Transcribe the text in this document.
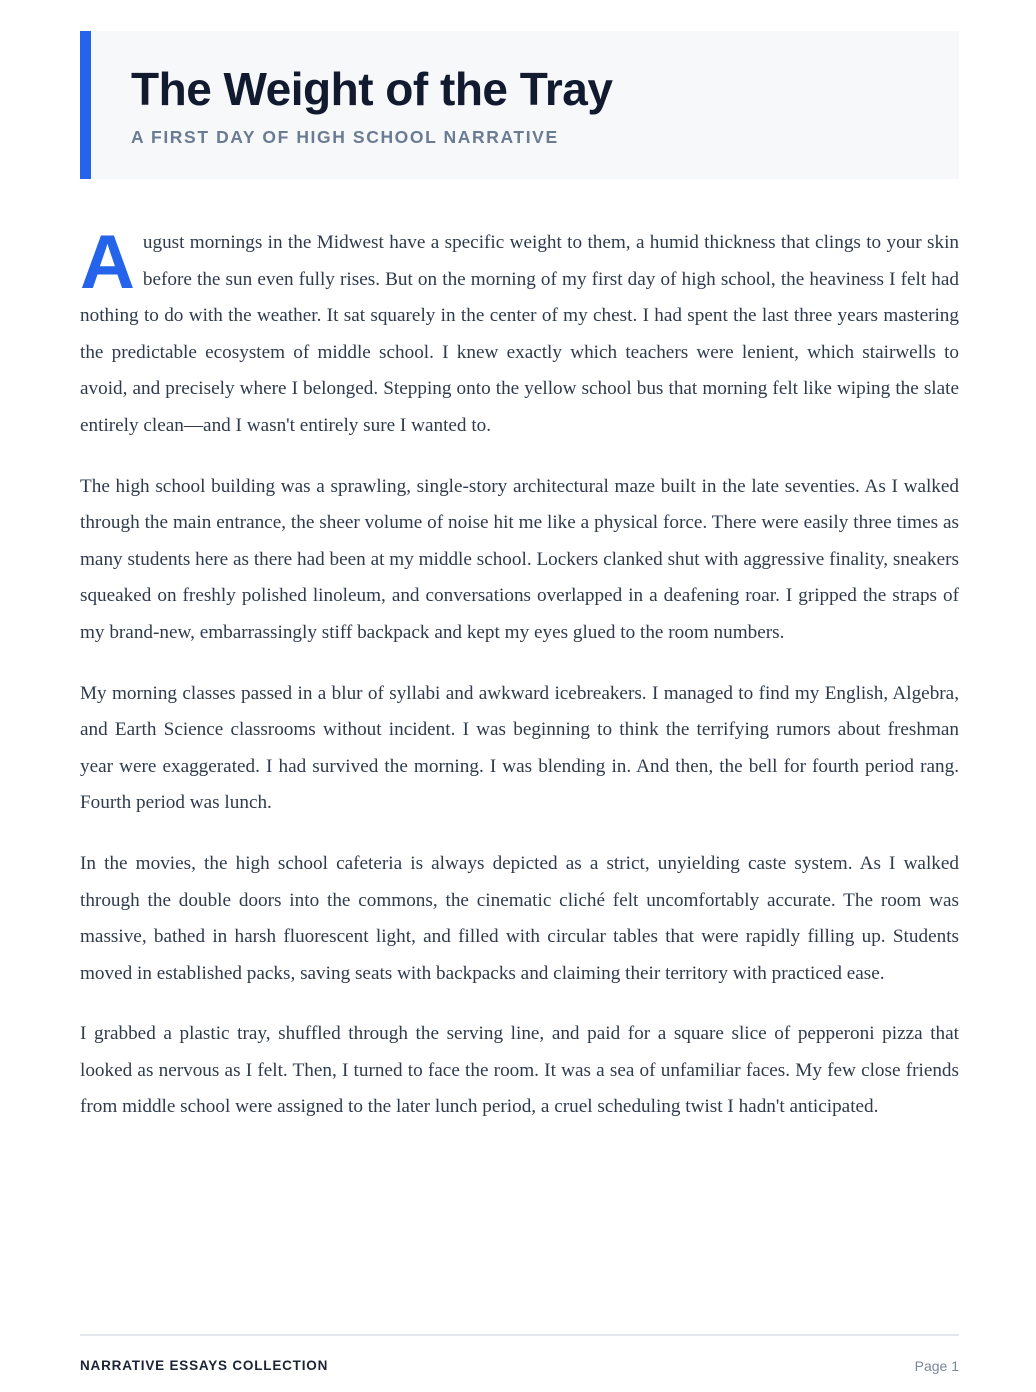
The Weight of the Tray
A FIRST DAY OF HIGH SCHOOL NARRATIVE

August mornings in the Midwest have a specific weight to them, a humid thickness that clings to your skin before the sun even fully rises. But on the morning of my first day of high school, the heaviness I felt had nothing to do with the weather. It sat squarely in the center of my chest. I had spent the last three years mastering the predictable ecosystem of middle school. I knew exactly which teachers were lenient, which stairwells to avoid, and precisely where I belonged. Stepping onto the yellow school bus that morning felt like wiping the slate entirely clean—and I wasn't entirely sure I wanted to.

The high school building was a sprawling, single-story architectural maze built in the late seventies. As I walked through the main entrance, the sheer volume of noise hit me like a physical force. There were easily three times as many students here as there had been at my middle school. Lockers clanked shut with aggressive finality, sneakers squeaked on freshly polished linoleum, and conversations overlapped in a deafening roar. I gripped the straps of my brand-new, embarrassingly stiff backpack and kept my eyes glued to the room numbers.

My morning classes passed in a blur of syllabi and awkward icebreakers. I managed to find my English, Algebra, and Earth Science classrooms without incident. I was beginning to think the terrifying rumors about freshman year were exaggerated. I had survived the morning. I was blending in. And then, the bell for fourth period rang. Fourth period was lunch.

In the movies, the high school cafeteria is always depicted as a strict, unyielding caste system. As I walked through the double doors into the commons, the cinematic cliché felt uncomfortably accurate. The room was massive, bathed in harsh fluorescent light, and filled with circular tables that were rapidly filling up. Students moved in established packs, saving seats with backpacks and claiming their territory with practiced ease.

I grabbed a plastic tray, shuffled through the serving line, and paid for a square slice of pepperoni pizza that looked as nervous as I felt. Then, I turned to face the room. It was a sea of unfamiliar faces. My few close friends from middle school were assigned to the later lunch period, a cruel scheduling twist I hadn't anticipated.

NARRATIVE ESSAYS COLLECTION	Page 1
